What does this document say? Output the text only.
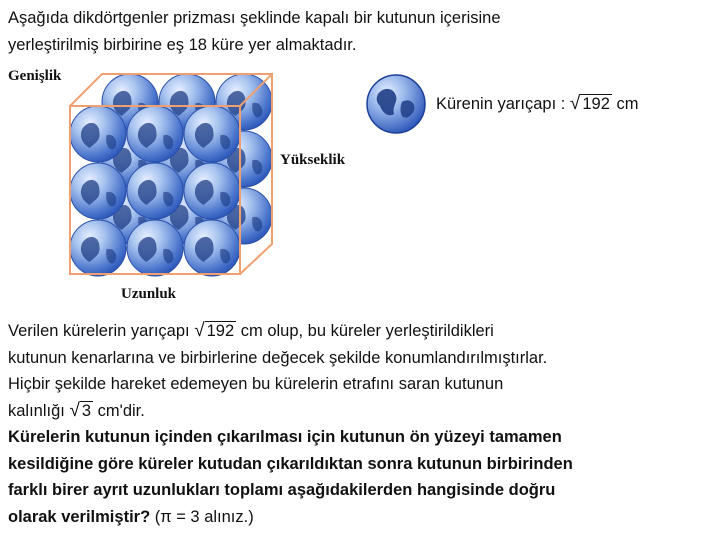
Aşağıda dikdörtgenler prizması şeklinde kapalı bir kutunun içerisine
yerleştirilmiş birbirine eş 18 küre yer almaktadır.

Genişlik
Yükseklik
Uzunluk
Kürenin yarıçapı : √ 192 cm

Verilen kürelerin yarıçapı √ 192 cm olup, bu küreler yerleştirildikleri
kutunun kenarlarına ve birbirlerine değecek şekilde konumlandırılmıştırlar.
Hiçbir şekilde hareket edemeyen bu kürelerin etrafını saran kutunun
kalınlığı √ 3 cm'dir.
Kürelerin kutunun içinden çıkarılması için kutunun ön yüzeyi tamamen
kesildiğine göre küreler kutudan çıkarıldıktan sonra kutunun birbirinden
farklı birer ayrıt uzunlukları toplamı aşağıdakilerden hangisinde doğru
olarak verilmiştir? (π = 3 alınız.)
